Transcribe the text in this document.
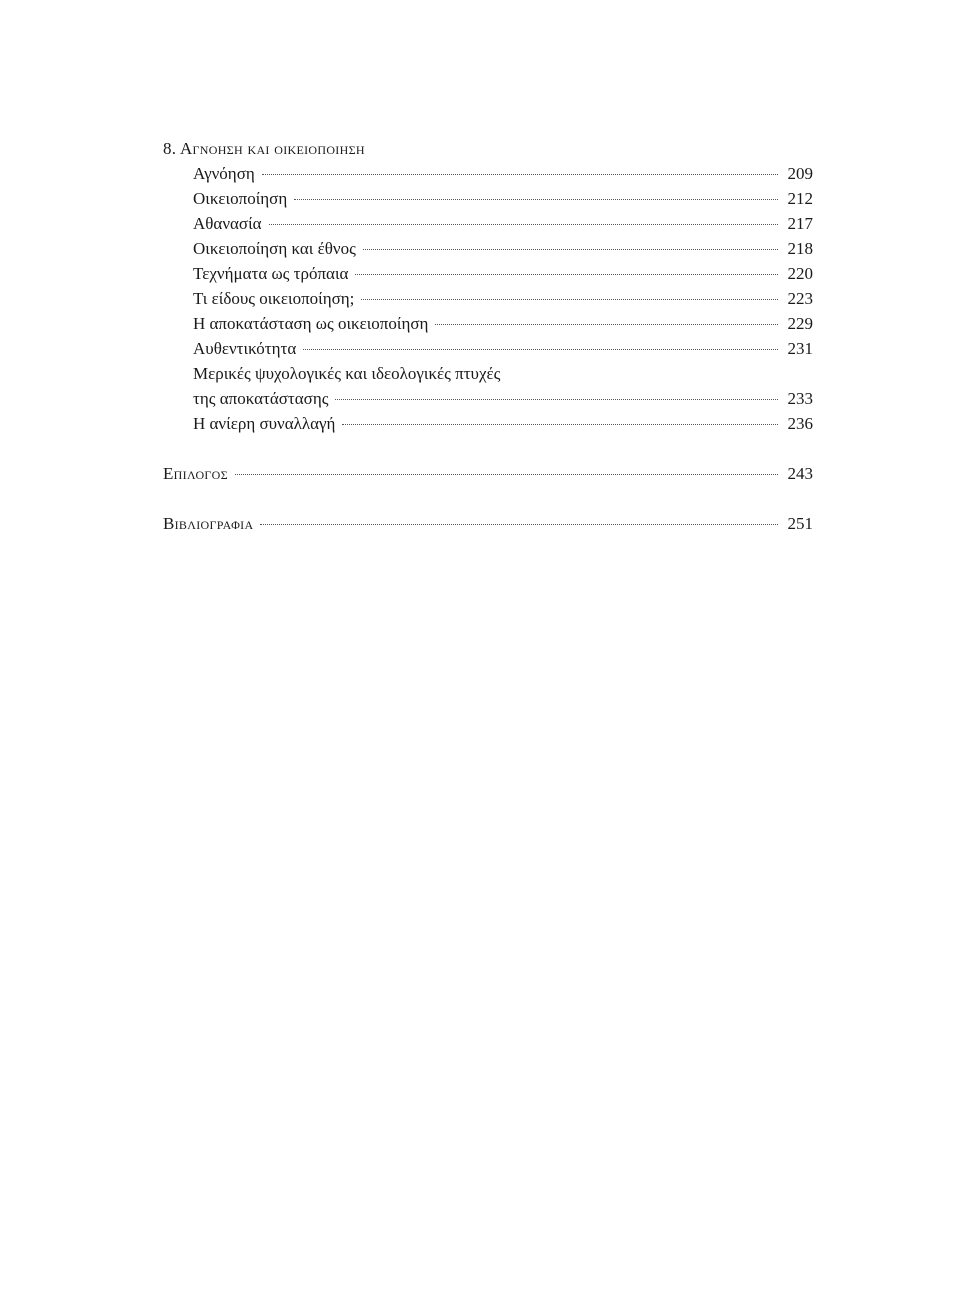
8. Αγνοηση και οικειοποιηση
Αγνόηση	209
Οικειοποίηση	212
Αθανασία	217
Οικειοποίηση και έθνος	218
Τεχνήματα ως τρόπαια	220
Τι είδους οικειοποίηση;	223
Η αποκατάσταση ως οικειοποίηση	229
Αυθεντικότητα	231
Μερικές ψυχολογικές και ιδεολογικές πτυχές
της αποκατάστασης	233
Η ανίερη συναλλαγή	236
Επιλογος	243
Βιβλιογραφια	251
